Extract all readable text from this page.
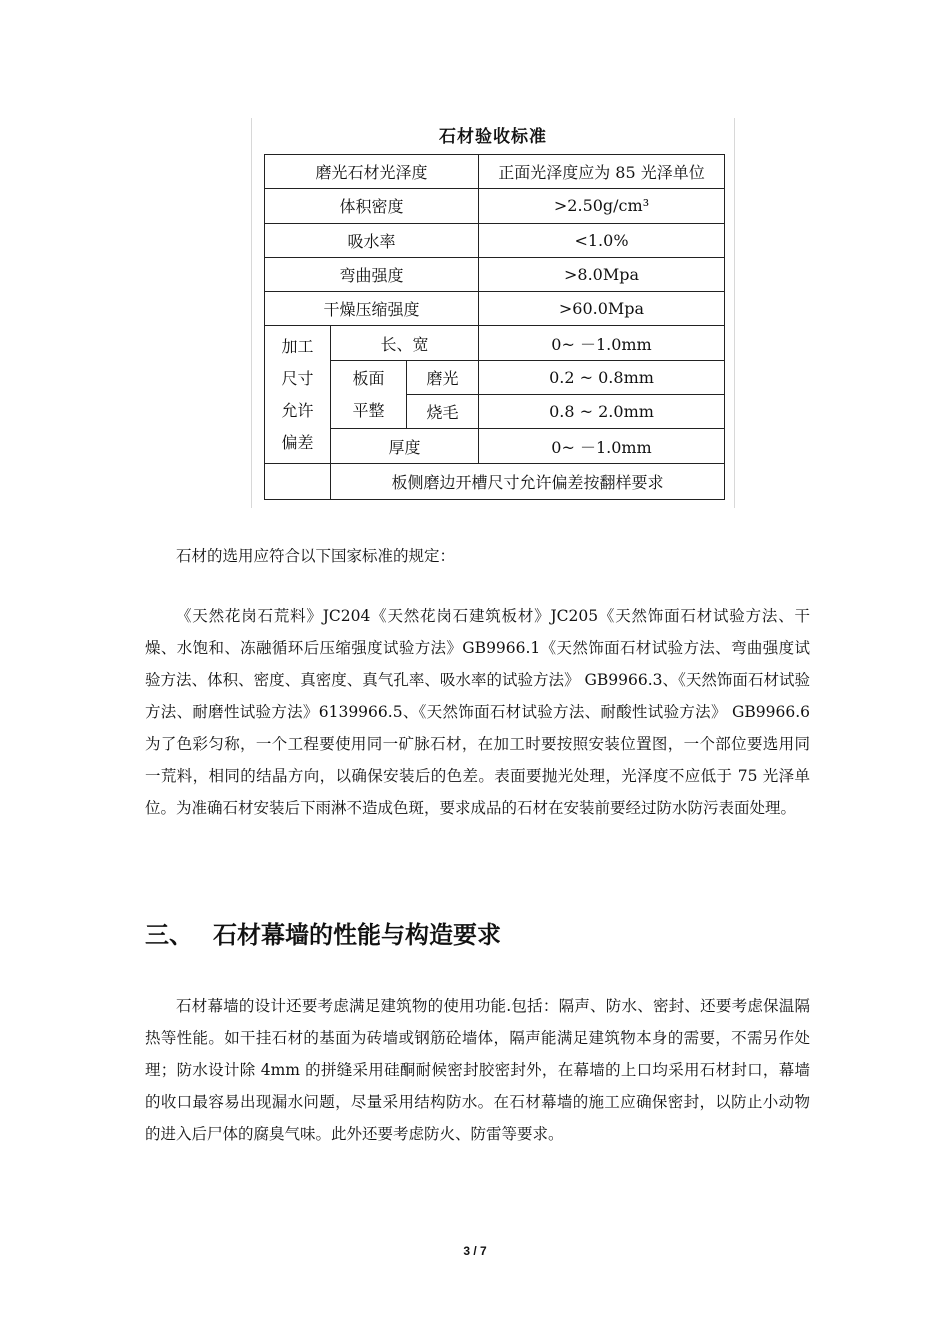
石材验收标准
磨光石材光泽度			正面光泽度应为 85 光泽单位
体积密度			>2.50g/cm³
吸水率			<1.0%
弯曲强度			>8.0Mpa
干燥压缩强度			>60.0Mpa

加工尺寸允许偏差	长、宽		0~ －1.0mm

	板面平整	磨光	0.2 ~ 0.8mm
		烧毛	0.8 ~ 2.0mm
	厚度		0~ －1.0mm
	板侧磨边开槽尺寸允许偏差按翻样要求		

石材的选用应符合以下国家标准的规定：

《天然花岗石荒料》JC204《天然花岗石建筑板材》JC205《天然饰面石材试验方法、干燥、水饱和、冻融循环后压缩强度试验方法》GB9966.1《天然饰面石材试验方法、弯曲强度试验方法、体积、密度、真密度、真气孔率、吸水率的试验方法》 GB9966.3、《天然饰面石材试验方法、耐磨性试验方法》6139966.5、《天然饰面石材试验方法、耐酸性试验方法》 GB9966.6 为了色彩匀称，一个工程要使用同一矿脉石材，在加工时要按照安装位置图，一个部位要选用同一荒料，相同的结晶方向，以确保安装后的色差。表面要抛光处理，光泽度不应低于 75 光泽单位。为准确石材安装后下雨淋不造成色斑，要求成品的石材在安装前要经过防水防污表面处理。

三、 石材幕墙的性能与构造要求

石材幕墙的设计还要考虑满足建筑物的使用功能.包括：隔声、防水、密封、还要考虑保温隔热等性能。如干挂石材的基面为砖墙或钢筋砼墙体，隔声能满足建筑物本身的需要，不需另作处理；防水设计除 4mm 的拼缝采用硅酮耐候密封胶密封外，在幕墙的上口均采用石材封口，幕墙的收口最容易出现漏水问题，尽量采用结构防水。在石材幕墙的施工应确保密封，以防止小动物的进入后尸体的腐臭气味。此外还要考虑防火、防雷等要求。

3 / 7
